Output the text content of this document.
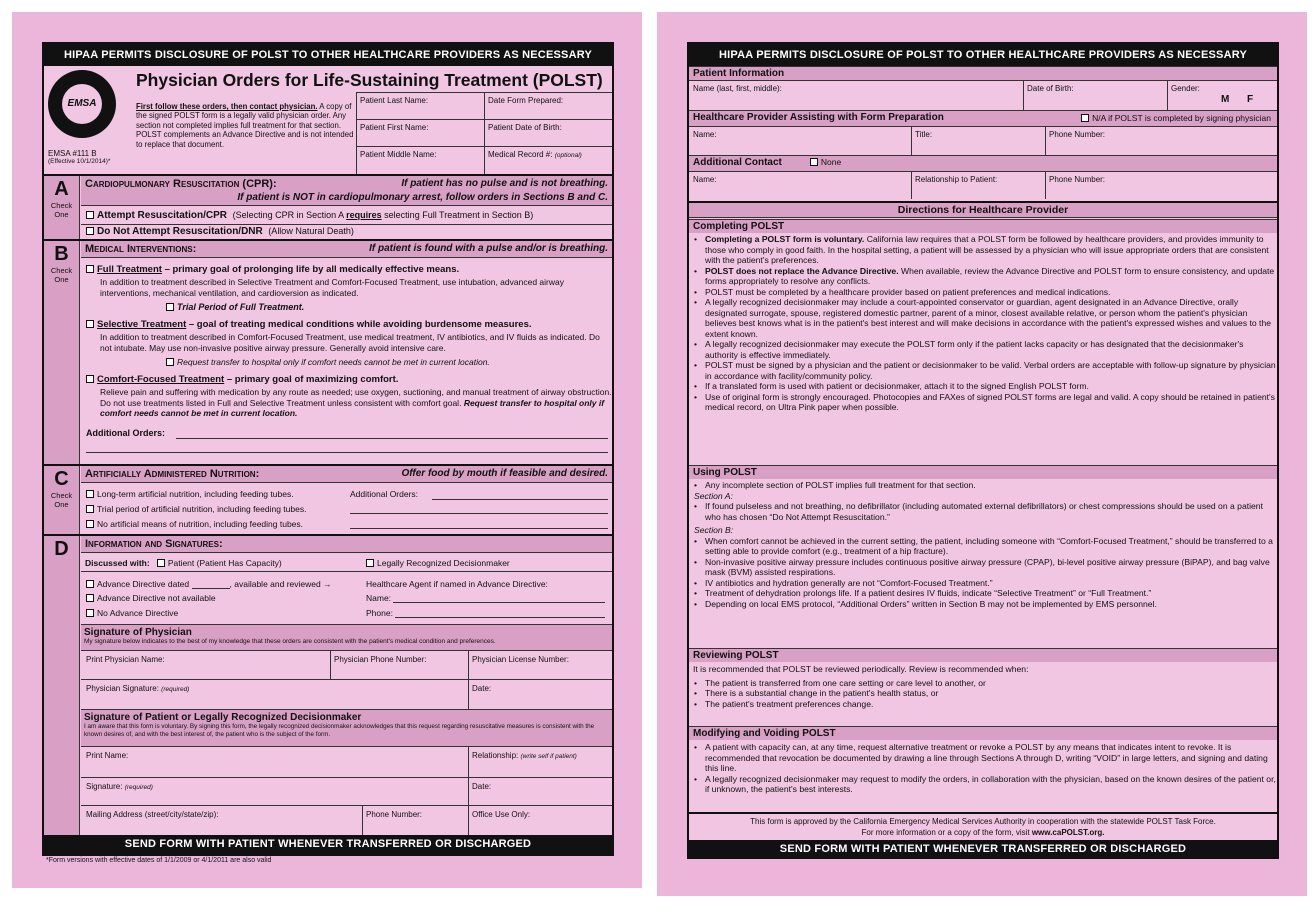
HIPAA PERMITS DISCLOSURE OF POLST TO OTHER HEALTHCARE PROVIDERS AS NECESSARY
EMSA
EMSA #111 B
(Effective 10/1/2014)*
Physician Orders for Life-Sustaining Treatment (POLST)
First follow these orders, then contact physician. A copy of the signed POLST form is a legally valid physician order. Any section not completed implies full treatment for that section. POLST complements an Advance Directive and is not intended to replace that document.
Patient Last Name:	Date Form Prepared:
Patient First Name:	Patient Date of Birth:
Patient Middle Name:	Medical Record #: (optional)
A
Check One
Cardiopulmonary Resuscitation (CPR):	If patient has no pulse and is not breathing.
If patient is NOT in cardiopulmonary arrest, follow orders in Sections B and C.
Attempt Resuscitation/CPR (Selecting CPR in Section A requires selecting Full Treatment in Section B)
Do Not Attempt Resuscitation/DNR (Allow Natural Death)
B
Check One
Medical Interventions:	If patient is found with a pulse and/or is breathing.
Full Treatment – primary goal of prolonging life by all medically effective means.
In addition to treatment described in Selective Treatment and Comfort-Focused Treatment, use intubation, advanced airway interventions, mechanical ventilation, and cardioversion as indicated.
Trial Period of Full Treatment.
Selective Treatment – goal of treating medical conditions while avoiding burdensome measures.
In addition to treatment described in Comfort-Focused Treatment, use medical treatment, IV antibiotics, and IV fluids as indicated. Do not intubate. May use non-invasive positive airway pressure. Generally avoid intensive care.
Request transfer to hospital only if comfort needs cannot be met in current location.
Comfort-Focused Treatment – primary goal of maximizing comfort.
Relieve pain and suffering with medication by any route as needed; use oxygen, suctioning, and manual treatment of airway obstruction. Do not use treatments listed in Full and Selective Treatment unless consistent with comfort goal. Request transfer to hospital only if comfort needs cannot be met in current location.
Additional Orders:
C
Check One
Artificially Administered Nutrition:	Offer food by mouth if feasible and desired.
Long-term artificial nutrition, including feeding tubes.
Trial period of artificial nutrition, including feeding tubes.
No artificial means of nutrition, including feeding tubes.
Additional Orders:
D	Information and Signatures:
Discussed with: Patient (Patient Has Capacity)	Legally Recognized Decisionmaker
Advance Directive dated	, available and reviewed →
Advance Directive not available
No Advance Directive
Healthcare Agent if named in Advance Directive:
Name:
Phone:
Signature of Physician
My signature below indicates to the best of my knowledge that these orders are consistent with the patient's medical condition and preferences.
Print Physician Name:	Physician Phone Number:	Physician License Number:
Physician Signature: (required)	Date:
Signature of Patient or Legally Recognized Decisionmaker
I am aware that this form is voluntary. By signing this form, the legally recognized decisionmaker acknowledges that this request regarding resuscitative measures is consistent with the known desires of, and with the best interest of, the patient who is the subject of the form.
Print Name:	Relationship: (write self if patient)
Signature: (required)	Date:
Mailing Address (street/city/state/zip):	Phone Number:	Office Use Only:
SEND FORM WITH PATIENT WHENEVER TRANSFERRED OR DISCHARGED
*Form versions with effective dates of 1/1/2009 or 4/1/2011 are also valid
HIPAA PERMITS DISCLOSURE OF POLST TO OTHER HEALTHCARE PROVIDERS AS NECESSARY
Patient Information
Name (last, first, middle):	Date of Birth:	Gender:
M F
Healthcare Provider Assisting with Form Preparation	N/A if POLST is completed by signing physician
Name:	Title:	Phone Number:
Additional Contact	None
Name:	Relationship to Patient:	Phone Number:
Directions for Healthcare Provider
Completing POLST
• Completing a POLST form is voluntary. California law requires that a POLST form be followed by healthcare providers, and provides immunity to those who comply in good faith. In the hospital setting, a patient will be assessed by a physician who will issue appropriate orders that are consistent with the patient's preferences.
• POLST does not replace the Advance Directive. When available, review the Advance Directive and POLST form to ensure consistency, and update forms appropriately to resolve any conflicts.
• POLST must be completed by a healthcare provider based on patient preferences and medical indications.
• A legally recognized decisionmaker may include a court-appointed conservator or guardian, agent designated in an Advance Directive, orally designated surrogate, spouse, registered domestic partner, parent of a minor, closest available relative, or person whom the patient's physician believes best knows what is in the patient's best interest and will make decisions in accordance with the patient's expressed wishes and values to the extent known.
• A legally recognized decisionmaker may execute the POLST form only if the patient lacks capacity or has designated that the decisionmaker's authority is effective immediately.
• POLST must be signed by a physician and the patient or decisionmaker to be valid. Verbal orders are acceptable with follow-up signature by physician in accordance with facility/community policy.
• If a translated form is used with patient or decisionmaker, attach it to the signed English POLST form.
• Use of original form is strongly encouraged. Photocopies and FAXes of signed POLST forms are legal and valid. A copy should be retained in patient's medical record, on Ultra Pink paper when possible.
Using POLST
• Any incomplete section of POLST implies full treatment for that section.
Section A:
• If found pulseless and not breathing, no defibrillator (including automated external defibrillators) or chest compressions should be used on a patient who has chosen “Do Not Attempt Resuscitation.”
Section B:
• When comfort cannot be achieved in the current setting, the patient, including someone with “Comfort-Focused Treatment,” should be transferred to a setting able to provide comfort (e.g., treatment of a hip fracture).
• Non-invasive positive airway pressure includes continuous positive airway pressure (CPAP), bi-level positive airway pressure (BiPAP), and bag valve mask (BVM) assisted respirations.
• IV antibiotics and hydration generally are not “Comfort-Focused Treatment.”
• Treatment of dehydration prolongs life. If a patient desires IV fluids, indicate “Selective Treatment” or “Full Treatment.”
• Depending on local EMS protocol, “Additional Orders” written in Section B may not be implemented by EMS personnel.
Reviewing POLST
It is recommended that POLST be reviewed periodically. Review is recommended when:
• The patient is transferred from one care setting or care level to another, or
• There is a substantial change in the patient's health status, or
• The patient's treatment preferences change.
Modifying and Voiding POLST
• A patient with capacity can, at any time, request alternative treatment or revoke a POLST by any means that indicates intent to revoke. It is recommended that revocation be documented by drawing a line through Sections A through D, writing “VOID” in large letters, and signing and dating this line.
• A legally recognized decisionmaker may request to modify the orders, in collaboration with the physician, based on the known desires of the patient or, if unknown, the patient's best interests.
This form is approved by the California Emergency Medical Services Authority in cooperation with the statewide POLST Task Force.
For more information or a copy of the form, visit www.caPOLST.org.
SEND FORM WITH PATIENT WHENEVER TRANSFERRED OR DISCHARGED
